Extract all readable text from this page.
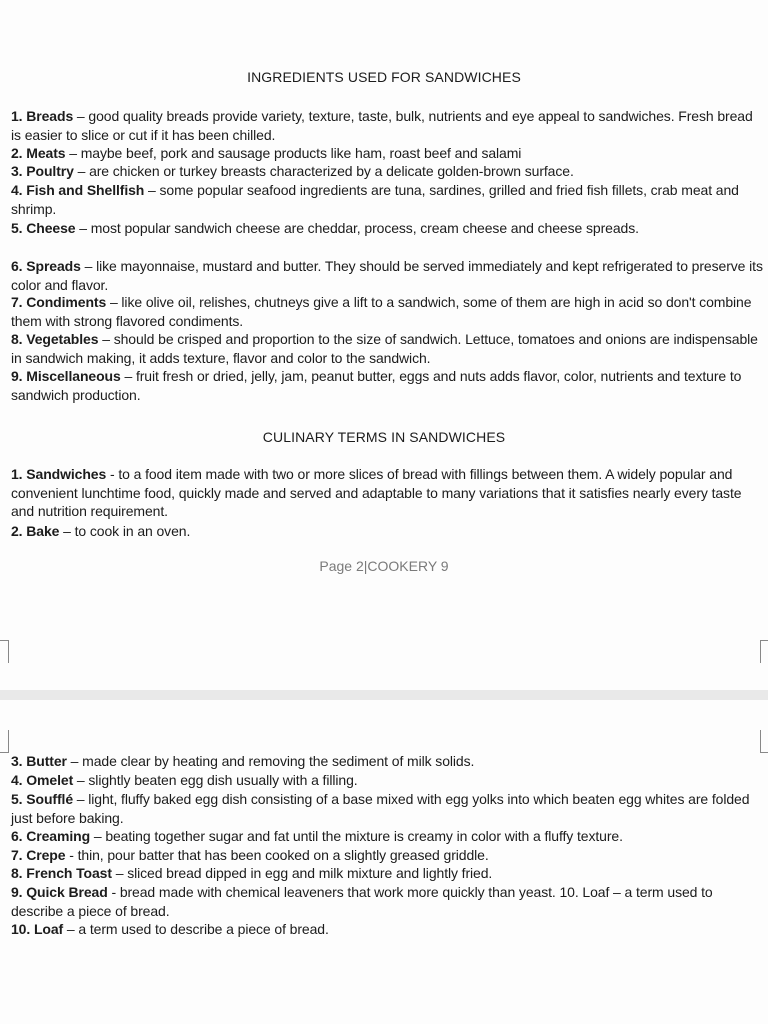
INGREDIENTS USED FOR SANDWICHES
1. Breads – good quality breads provide variety, texture, taste, bulk, nutrients and eye appeal to sandwiches. Fresh bread is easier to slice or cut if it has been chilled.
2. Meats – maybe beef, pork and sausage products like ham, roast beef and salami
3. Poultry – are chicken or turkey breasts characterized by a delicate golden-brown surface.
4. Fish and Shellfish – some popular seafood ingredients are tuna, sardines, grilled and fried fish fillets, crab meat and shrimp.
5. Cheese – most popular sandwich cheese are cheddar, process, cream cheese and cheese spreads.
6. Spreads – like mayonnaise, mustard and butter. They should be served immediately and kept refrigerated to preserve its color and flavor.
7. Condiments – like olive oil, relishes, chutneys give a lift to a sandwich, some of them are high in acid so don't combine them with strong flavored condiments.
8. Vegetables – should be crisped and proportion to the size of sandwich. Lettuce, tomatoes and onions are indispensable in sandwich making, it adds texture, flavor and color to the sandwich.
9. Miscellaneous – fruit fresh or dried, jelly, jam, peanut butter, eggs and nuts adds flavor, color, nutrients and texture to sandwich production.
CULINARY TERMS IN SANDWICHES
1. Sandwiches - to a food item made with two or more slices of bread with fillings between them. A widely popular and convenient lunchtime food, quickly made and served and adaptable to many variations that it satisfies nearly every taste and nutrition requirement.
2. Bake – to cook in an oven.
Page 2|COOKERY 9
3. Butter – made clear by heating and removing the sediment of milk solids.
4. Omelet – slightly beaten egg dish usually with a filling.
5. Soufflé – light, fluffy baked egg dish consisting of a base mixed with egg yolks into which beaten egg whites are folded just before baking.
6. Creaming – beating together sugar and fat until the mixture is creamy in color with a fluffy texture.
7. Crepe - thin, pour batter that has been cooked on a slightly greased griddle.
8. French Toast – sliced bread dipped in egg and milk mixture and lightly fried.
9. Quick Bread - bread made with chemical leaveners that work more quickly than yeast. 10. Loaf – a term used to describe a piece of bread.
10. Loaf – a term used to describe a piece of bread.
